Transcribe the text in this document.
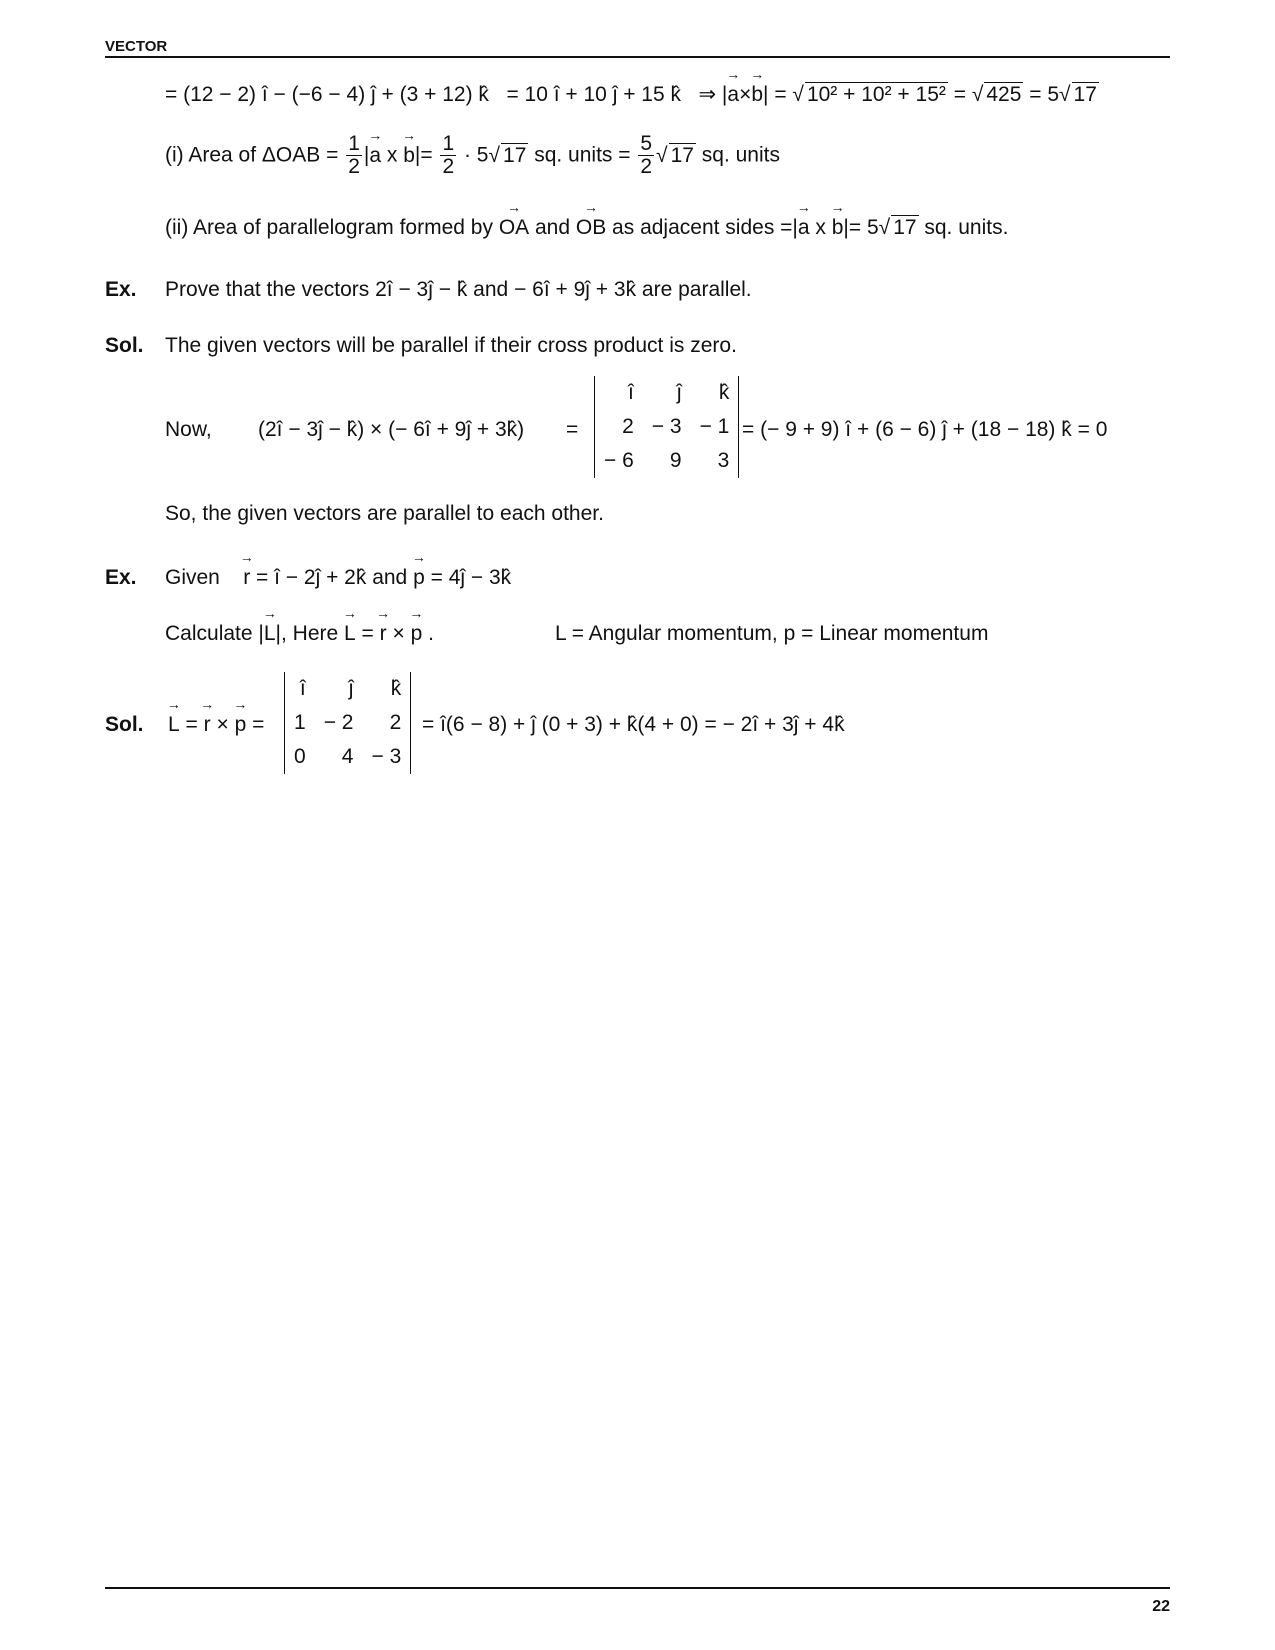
VECTOR
= (12 − 2) î − (−6 − 4) ĵ + (3 + 12) k̂ = 10 î + 10 ĵ + 15 k̂ ⇒ |→ a×→ b| = √ 10² + 10² + 15² = √ 425 = 5√ 17
(i) Area of $\Delta OAB = \frac{1}{2}$ |→ a $x \to b|= \frac{1}{2} \cdot 5√$ 17 sq. units = $\frac{5}{2}$ √ 17 sq. units
(ii) Area of parallelogram formed by → OA and → OB as adjacent sides =|→ a x → b|= 5√ 17 sq. units.
Ex. Prove that the vectors 2î − 3ĵ − k̂ and − 6î + 9ĵ + 3k̂ are parallel.
Sol. The given vectors will be parallel if their cross product is zero.
Now, (2î − 3ĵ − k̂) × (− 6î + 9ĵ + 3k̂) =
î	ĵ	k̂
2	− 3	− 1
− 6	9	3
= (− 9 + 9) î + (6 − 6) ĵ + (18 − 18) k̂ = 0
So, the given vectors are parallel to each other.
Ex. Given → r = î − 2ĵ + 2k̂ and → p = 4ĵ − 3k̂
Calculate |→ L|, Here → L = → r × → p .	L = Angular momentum, p = Linear momentum
Sol. → L = → r × → p =
î	ĵ	k̂
1	− 2	2
0	4	− 3
= î(6 − 8) + ĵ (0 + 3) + k̂(4 + 0) = − 2î + 3ĵ + 4k̂
22
